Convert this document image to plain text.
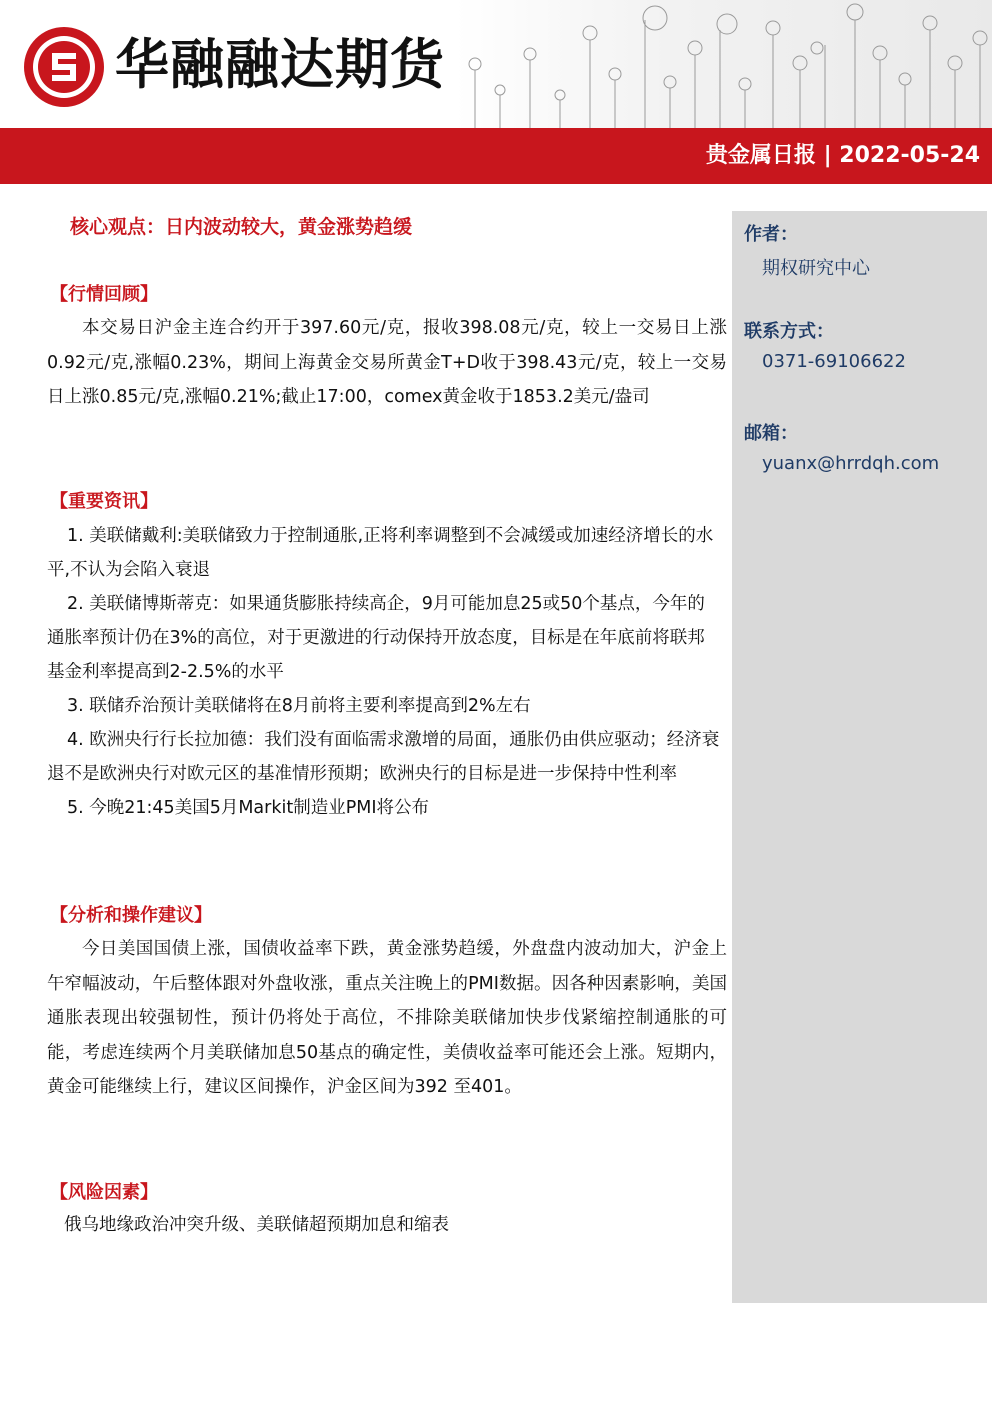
华融融达期货
贵金属日报 | 2022-05-24
作者：
期权研究中心
联系方式：
0371-69106622
邮箱：
yuanx@hrrdqh.com
核心观点：日内波动较大，黄金涨势趋缓
【行情回顾】

本交易日沪金主连合约开于397.60元/克，报收398.08元/克，较上一交易日上涨0.92元/克,涨幅0.23%，期间上海黄金交易所黄金T+D收于398.43元/克，较上一交易日上涨0.85元/克,涨幅0.21%;截止17:00，comex黄金收于1853.2美元/盎司

【重要资讯】
1. 美联储戴利:美联储致力于控制通胀,正将利率调整到不会减缓或加速经济增长的水平,不认为会陷入衰退
2. 美联储博斯蒂克：如果通货膨胀持续高企，9月可能加息25或50个基点，今年的通胀率预计仍在3%的高位，对于更激进的行动保持开放态度，目标是在年底前将联邦基金利率提高到2-2.5%的水平
3. 联储乔治预计美联储将在8月前将主要利率提高到2%左右
4. 欧洲央行行长拉加德：我们没有面临需求激增的局面，通胀仍由供应驱动；经济衰退不是欧洲央行对欧元区的基准情形预期；欧洲央行的目标是进一步保持中性利率
5. 今晚21:45美国5月Markit制造业PMI将公布
【分析和操作建议】

今日美国国债上涨，国债收益率下跌，黄金涨势趋缓，外盘盘内波动加大，沪金上午窄幅波动，午后整体跟对外盘收涨，重点关注晚上的PMI数据。因各种因素影响，美国通胀表现出较强韧性，预计仍将处于高位，不排除美联储加快步伐紧缩控制通胀的可能，考虑连续两个月美联储加息50基点的确定性，美债收益率可能还会上涨。短期内，黄金可能继续上行，建议区间操作，沪金区间为392 至401。

【风险因素】
俄乌地缘政治冲突升级、美联储超预期加息和缩表
